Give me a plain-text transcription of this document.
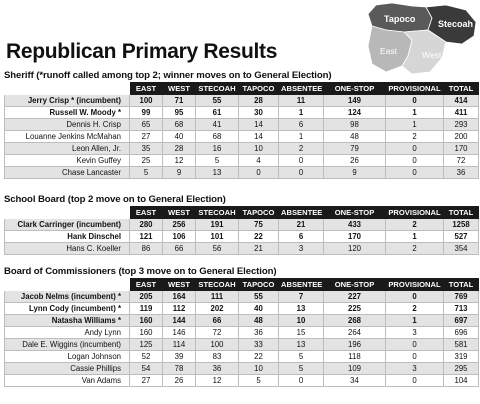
Republican Primary Results
Tapoco	Stecoah
East	West
Sheriff (*runoff called among top 2; winner moves on to General Election)
	EAST	WEST	STECOAH	TAPOCO	ABSENTEE	ONE-STOP	PROVISIONAL	TOTAL
Jerry Crisp * (incumbent)	100	71	55	28	11	149	0	414
Russell W. Moody *	99	95	61	30	1	124	1	411
Dennis H. Crisp	65	68	41	14	6	98	1	293
Louanne Jenkins McMahan	27	40	68	14	1	48	2	200
Leon Allen, Jr.	35	28	16	10	2	79	0	170
Kevin Guffey	25	12	5	4	0	26	0	72
Chase Lancaster	5	9	13	0	0	9	0	36
School Board (top 2 move on to General Election)
	EAST	WEST	STECOAH	TAPOCO	ABSENTEE	ONE-STOP	PROVISIONAL	TOTAL
Clark Carringer (incumbent)	280	256	191	75	21	433	2	1258
Hank Dinschel	121	106	101	22	6	170	1	527
Hans C. Koeller	86	66	56	21	3	120	2	354
Board of Commissioners (top 3 move on to General Election)
	EAST	WEST	STECOAH	TAPOCO	ABSENTEE	ONE-STOP	PROVISIONAL	TOTAL
Jacob Nelms (incumbent) *	205	164	111	55	7	227	0	769
Lynn Cody (incumbent) *	119	112	202	40	13	225	2	713
Natasha Williams *	160	144	66	48	10	268	1	697
Andy Lynn	160	146	72	36	15	264	3	696
Dale E. Wiggins (incumbent)	125	114	100	33	13	196	0	581
Logan Johnson	52	39	83	22	5	118	0	319
Cassie Phillips	54	78	36	10	5	109	3	295
Van Adams	27	26	12	5	0	34	0	104
